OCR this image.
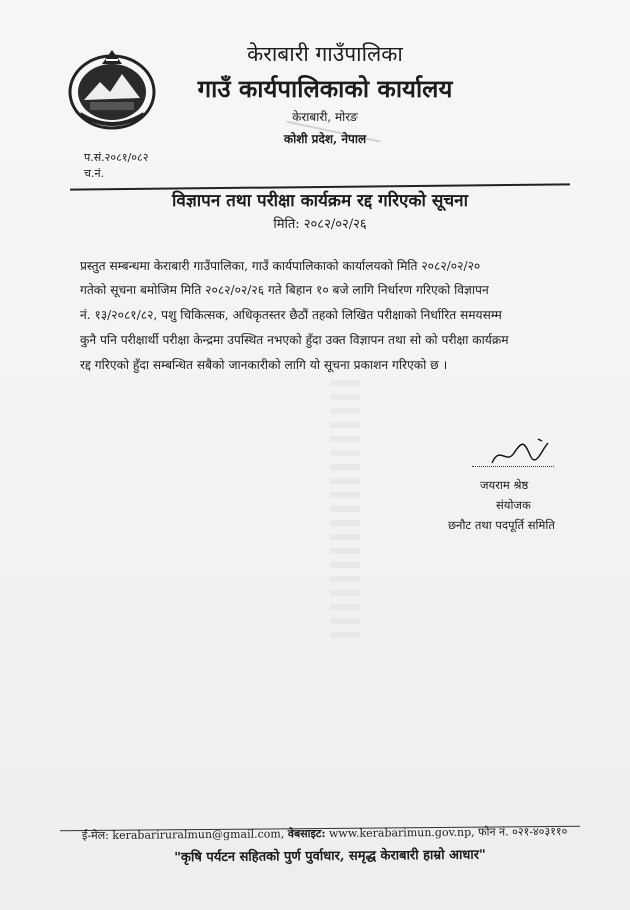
केराबारी गाउँपालिका
गाउँ कार्यपालिकाको कार्यालय
केराबारी, मोरङ
कोशी प्रदेश, नेपाल
प.सं.२०८१/०८२
च.नं.
विज्ञापन तथा परीक्षा कार्यक्रम रद्द गरिएको सूचना
मिति: २०८२/०२/२६
प्रस्तुत सम्बन्धमा केराबारी गाउँपालिका, गाउँ कार्यपालिकाको कार्यालयको मिति २०८२/०२/२०
गतेको सूचना बमोजिम मिति २०८२/०२/२६ गते बिहान १० बजे लागि निर्धारण गरिएको विज्ञापन
नं. १३/२०८१/८२, पशु चिकित्सक, अधिकृतस्तर छैठौं तहको लिखित परीक्षाको निर्धारित समयसम्म
कुनै पनि परीक्षार्थी परीक्षा केन्द्रमा उपस्थित नभएको हुँदा उक्त विज्ञापन तथा सो को परीक्षा कार्यक्रम
रद्द गरिएको हुँदा सम्बन्धित सबैको जानकारीको लागि यो सूचना प्रकाशन गरिएको छ ।
जयराम श्रेष्ठ
संयोजक
छनौट तथा पदपूर्ति समिति
ई-मेल: kerabariruralmun@gmail.com, वेबसाइट: www.kerabarimun.gov.np, फोन नं. ०२१-४०३११०
"कृषि पर्यटन सहितको पुर्ण पुर्वाधार, समृद्ध केराबारी हाम्रो आधार"
